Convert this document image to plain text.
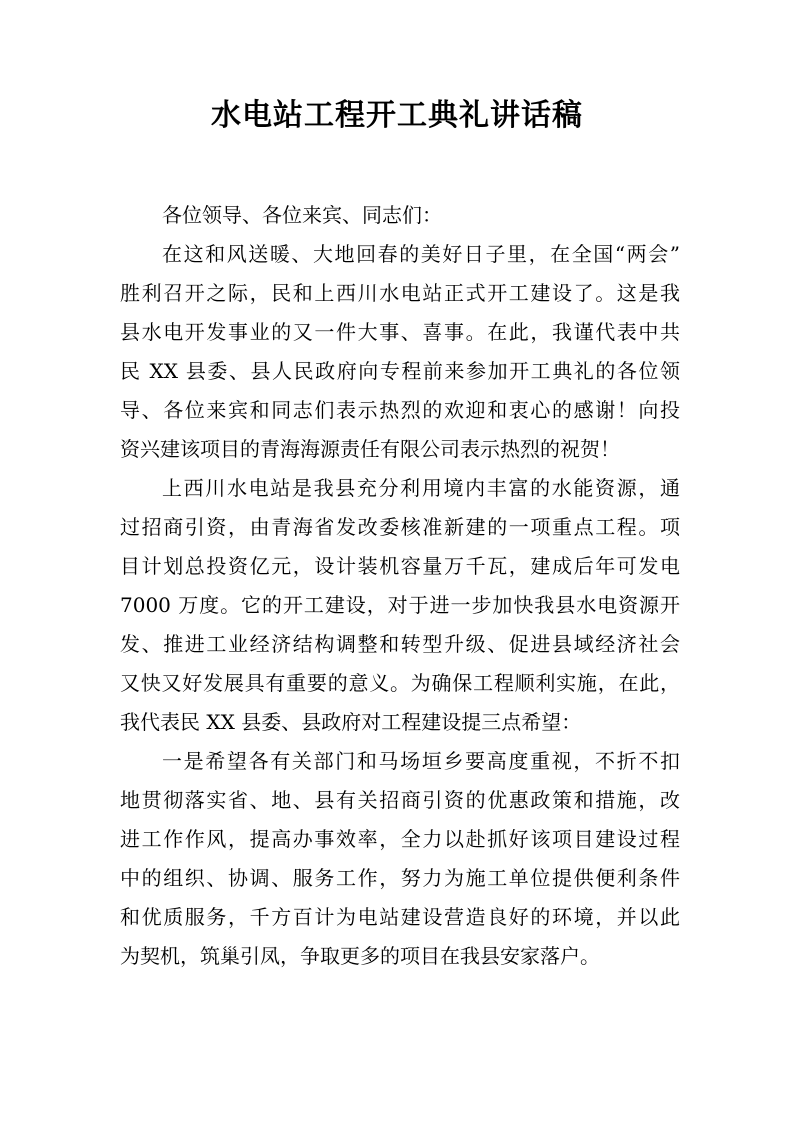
水电站工程开工典礼讲话稿
各位领导、各位来宾、同志们：
在这和风送暖、大地回春的美好日子里，在全国“两会”
胜利召开之际，民和上西川水电站正式开工建设了。这是我
县水电开发事业的又一件大事、喜事。在此，我谨代表中共
民 XX 县委、县人民政府向专程前来参加开工典礼的各位领
导、各位来宾和同志们表示热烈的欢迎和衷心的感谢！向投
资兴建该项目的青海海源责任有限公司表示热烈的祝贺！
上西川水电站是我县充分利用境内丰富的水能资源，通
过招商引资，由青海省发改委核准新建的一项重点工程。项
目计划总投资亿元，设计装机容量万千瓦，建成后年可发电
7000 万度。它的开工建设，对于进一步加快我县水电资源开
发、推进工业经济结构调整和转型升级、促进县域经济社会
又快又好发展具有重要的意义。为确保工程顺利实施，在此，
我代表民 XX 县委、县政府对工程建设提三点希望：
一是希望各有关部门和马场垣乡要高度重视，不折不扣
地贯彻落实省、地、县有关招商引资的优惠政策和措施，改
进工作作风，提高办事效率，全力以赴抓好该项目建设过程
中的组织、协调、服务工作，努力为施工单位提供便利条件
和优质服务，千方百计为电站建设营造良好的环境，并以此
为契机，筑巢引凤，争取更多的项目在我县安家落户。
